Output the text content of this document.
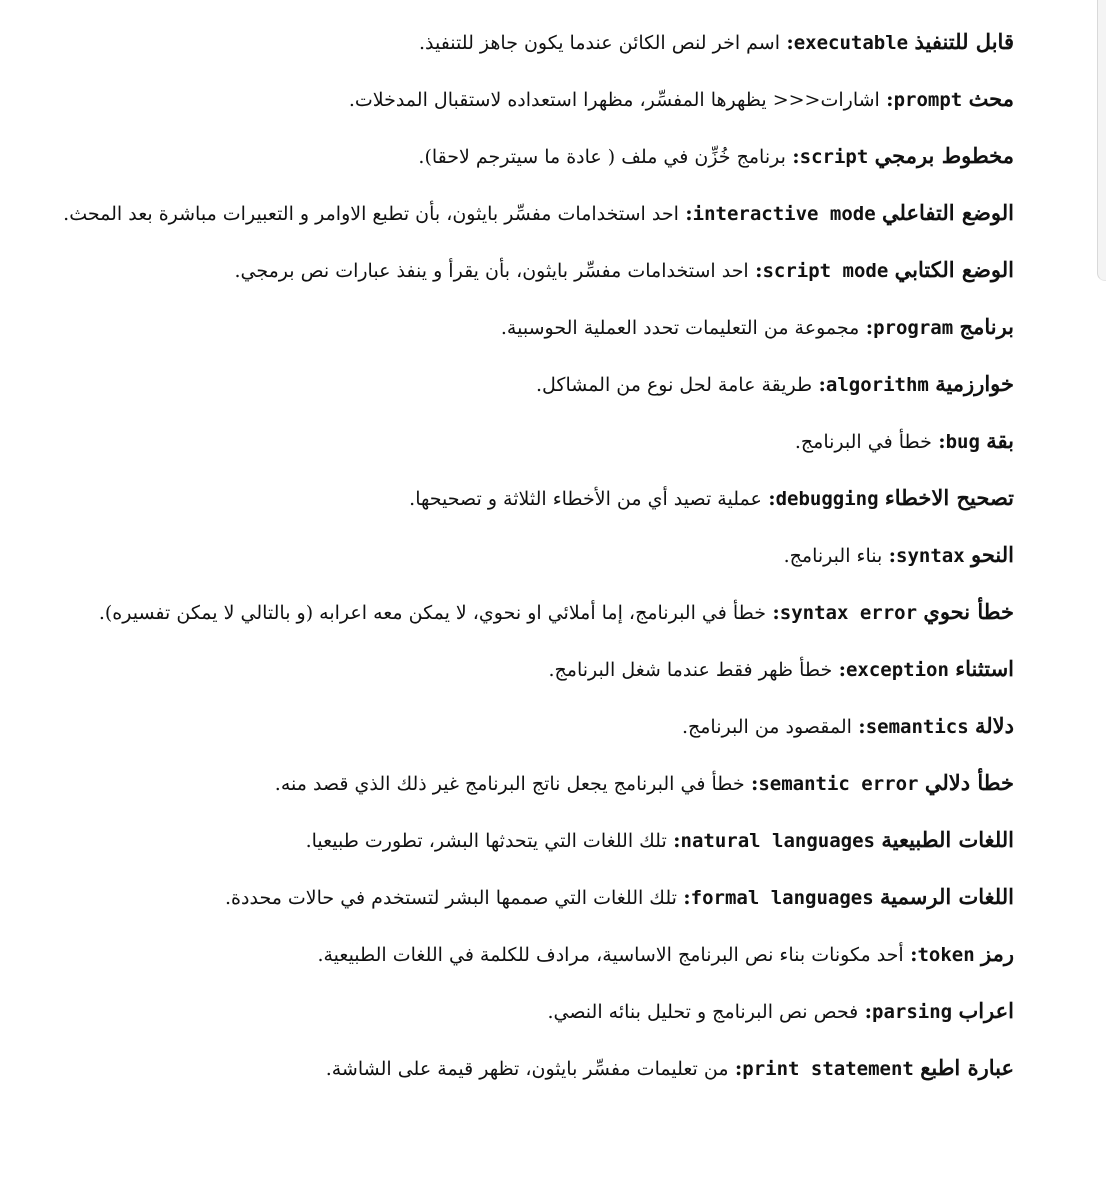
قابل للتنفيذ executable: اسم اخر لنص الكائن عندما يكون جاهز للتنفيذ.
محث prompt: اشارات<<< يظهرها المفسِّر، مظهرا استعداده لاستقبال المدخلات.
مخطوط برمجي script: برنامج خُزِّن في ملف ( عادة ما سيترجم لاحقا).
الوضع التفاعلي interactive mode: احد استخدامات مفسِّر بايثون، بأن تطبع الاوامر و التعبيرات مباشرة بعد المحث.
الوضع الكتابي script mode: احد استخدامات مفسِّر بايثون، بأن يقرأ و ينفذ عبارات نص برمجي.
برنامج program: مجموعة من التعليمات تحدد العملية الحوسبية.
خوارزمية algorithm: طريقة عامة لحل نوع من المشاكل.
بقة bug: خطأ في البرنامج.
تصحيح الاخطاء debugging: عملية تصيد أي من الأخطاء الثلاثة و تصحيحها.
النحو syntax: بناء البرنامج.
خطأ نحوي syntax error: خطأ في البرنامج، إما أملائي او نحوي، لا يمكن معه اعرابه (و بالتالي لا يمكن تفسيره).
استثناء exception: خطأ ظهر فقط عندما شغل البرنامج.
دلالة semantics: المقصود من البرنامج.
خطأ دلالي semantic error: خطأ في البرنامج يجعل ناتج البرنامج غير ذلك الذي قصد منه.
اللغات الطبيعية natural languages: تلك اللغات التي يتحدثها البشر، تطورت طبيعيا.
اللغات الرسمية formal languages: تلك اللغات التي صممها البشر لتستخدم في حالات محددة.
رمز token: أحد مكونات بناء نص البرنامج الاساسية، مرادف للكلمة في اللغات الطبيعية.
اعراب parsing: فحص نص البرنامج و تحليل بنائه النصي.
عبارة اطبع print statement: من تعليمات مفسِّر بايثون، تظهر قيمة على الشاشة.
